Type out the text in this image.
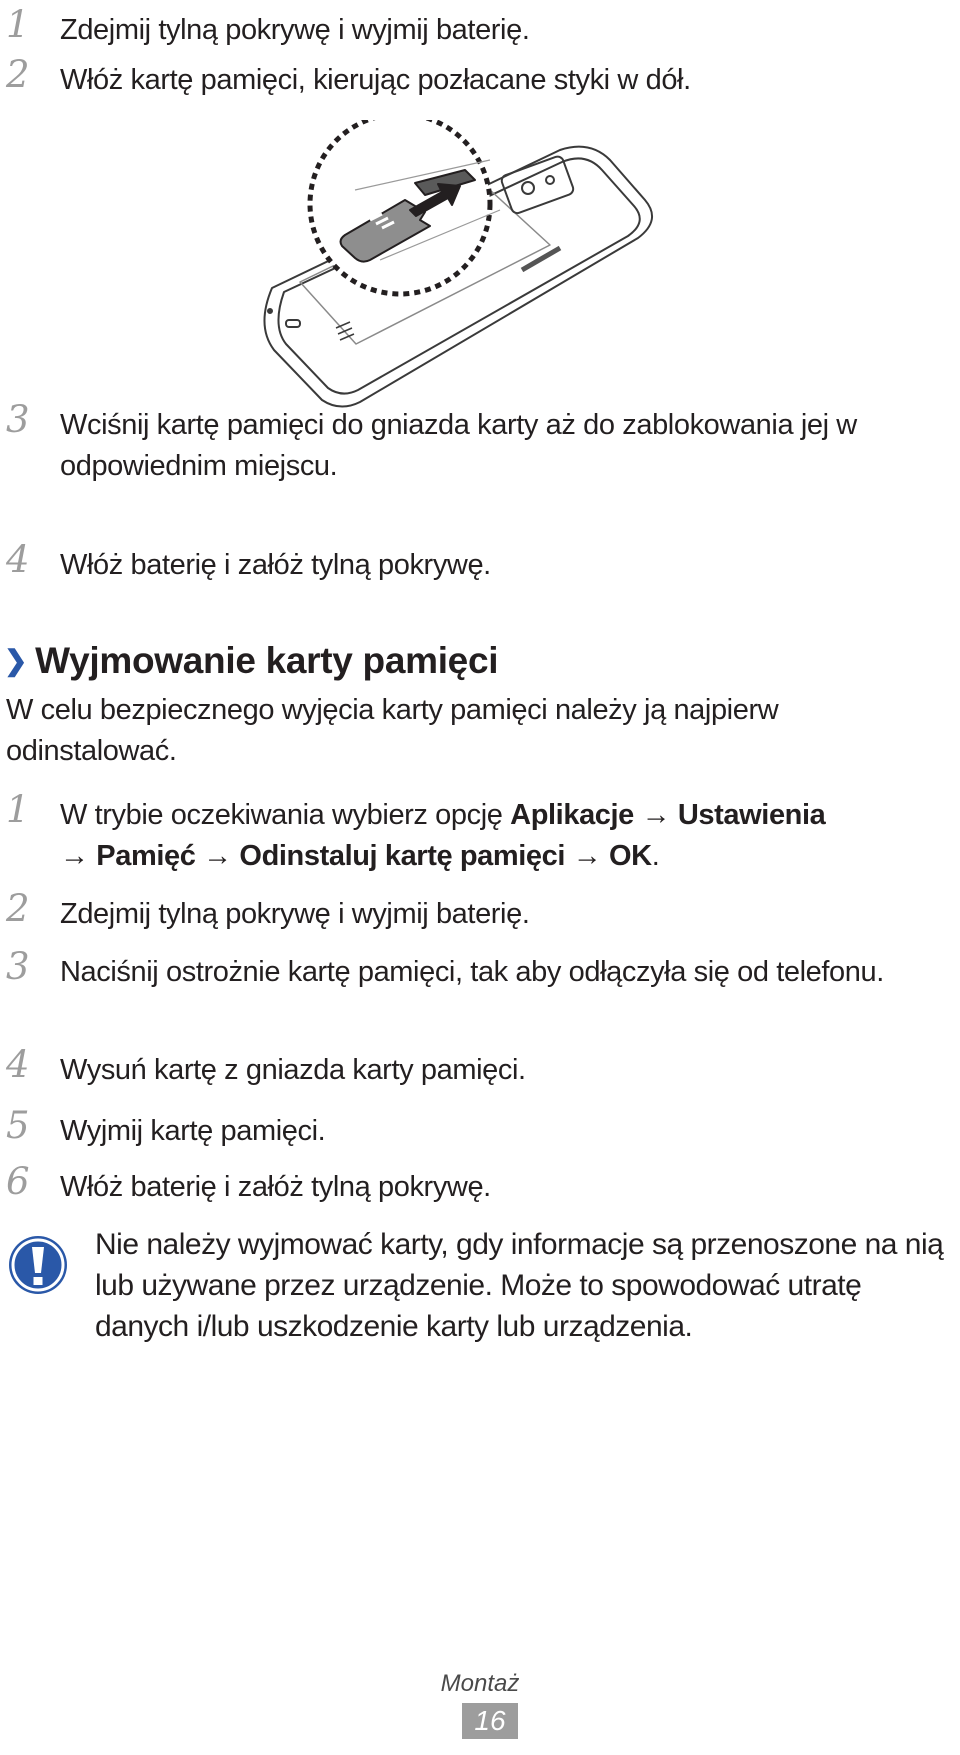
1 Zdejmij tylną pokrywę i wyjmij baterię.
2 Włóż kartę pamięci, kierując pozłacane styki w dół.
3 Wciśnij kartę pamięci do gniazda karty aż do zablokowania jej w odpowiednim miejscu.
4 Włóż baterię i załóż tylną pokrywę.
❯ Wyjmowanie karty pamięci
W celu bezpiecznego wyjęcia karty pamięci należy ją najpierw odinstalować.
1 W trybie oczekiwania wybierz opcję Aplikacje → Ustawienia
→ Pamięć → Odinstaluj kartę pamięci → OK.
2 Zdejmij tylną pokrywę i wyjmij baterię.
3 Naciśnij ostrożnie kartę pamięci, tak aby odłączyła się od telefonu.
4 Wysuń kartę z gniazda karty pamięci.
5 Wyjmij kartę pamięci.
6 Włóż baterię i załóż tylną pokrywę.
Nie należy wyjmować karty, gdy informacje są przenoszone na nią lub używane przez urządzenie. Może to spowodować utratę danych i/lub uszkodzenie karty lub urządzenia.
Montaż
16
